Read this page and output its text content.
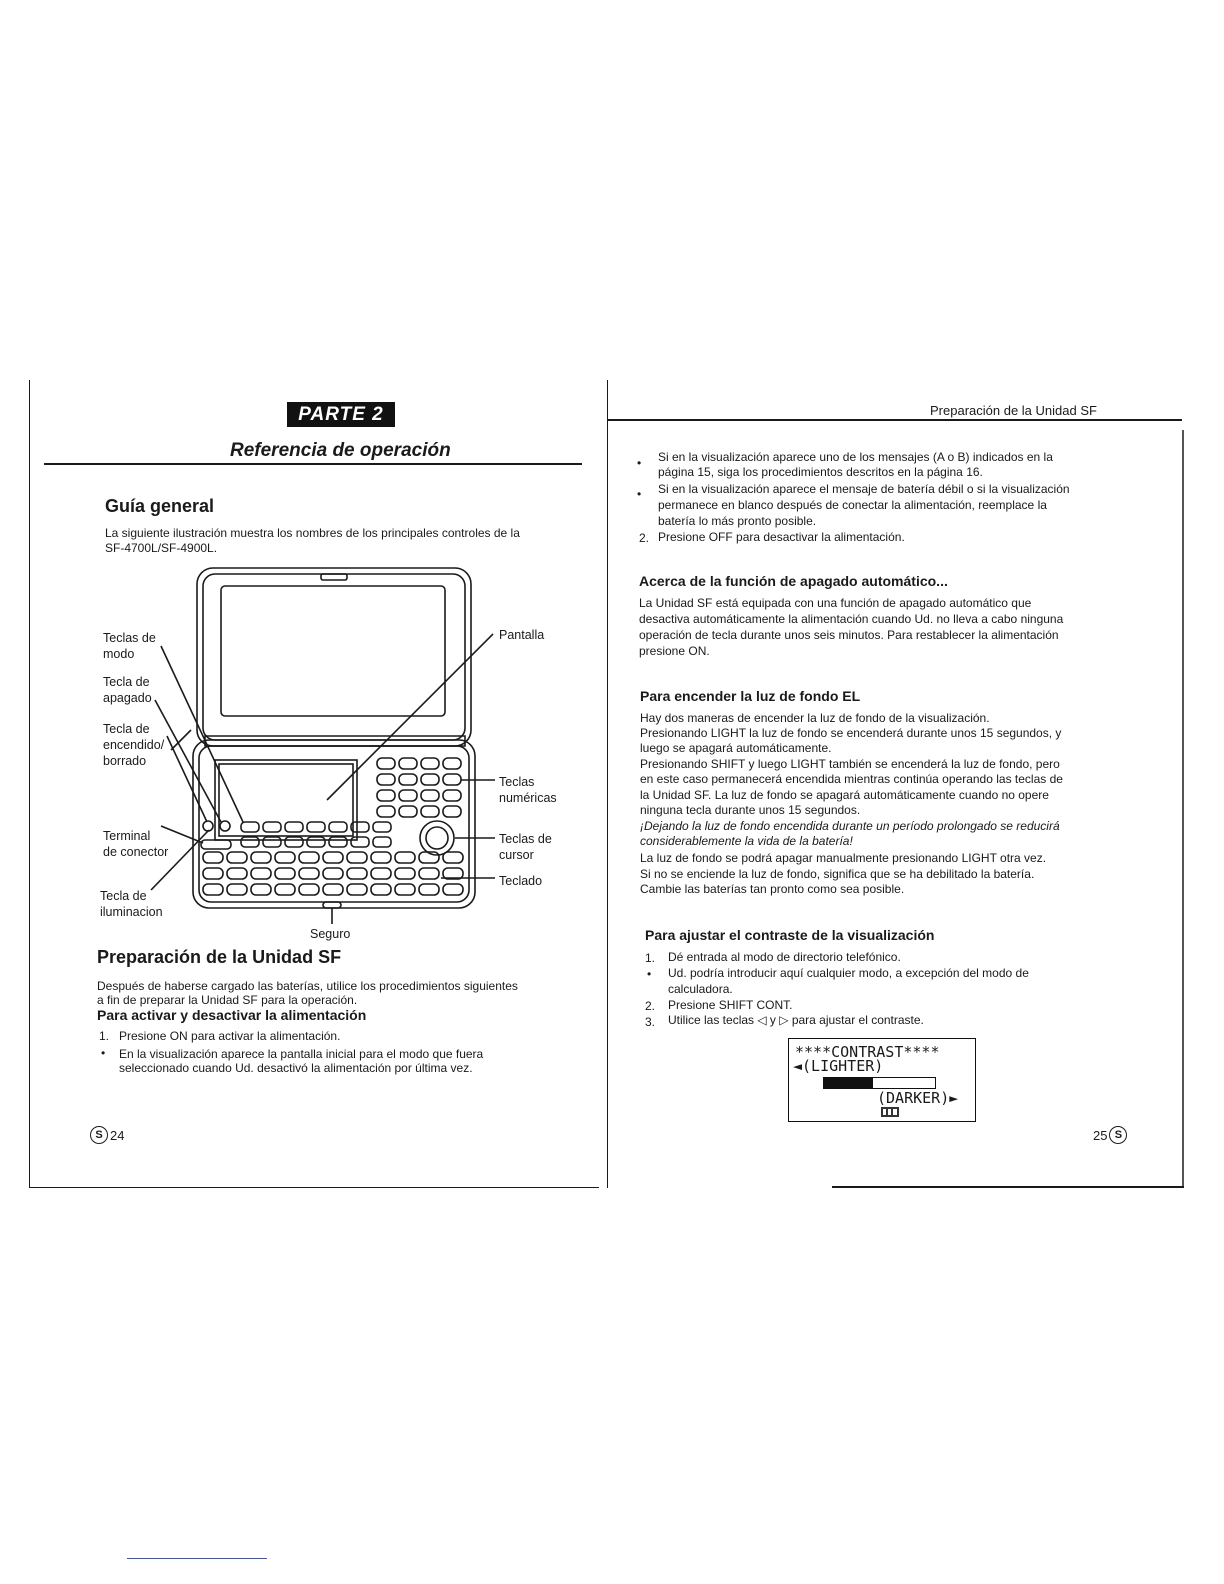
PARTE 2
Referencia de operación
Guía general
La siguiente ilustración muestra los nombres de los principales controles de la
SF-4700L/SF-4900L.
Teclas de
modo
Tecla de
apagado
Tecla de
encendido/
borrado
Terminal
de conector
Tecla de
iluminacion
Pantalla
Teclas
numéricas
Teclas de
cursor
Teclado
Seguro
Preparación de la Unidad SF
Después de haberse cargado las baterías, utilice los procedimientos siguientes
a fin de preparar la Unidad SF para la operación.
Para activar y desactivar la alimentación
1. Presione ON para activar la alimentación.
• En la visualización aparece la pantalla inicial para el modo que fuera
seleccionado cuando Ud. desactivó la alimentación por última vez.
S 24
Preparación de la Unidad SF
• Si en la visualización aparece uno de los mensajes (A o B) indicados en la
página 15, siga los procedimientos descritos en la página 16.
• Si en la visualización aparece el mensaje de batería débil o si la visualización
permanece en blanco después de conectar la alimentación, reemplace la
batería lo más pronto posible.
2. Presione OFF para desactivar la alimentación.
Acerca de la función de apagado automático...
La Unidad SF está equipada con una función de apagado automático que
desactiva automáticamente la alimentación cuando Ud. no lleva a cabo ninguna
operación de tecla durante unos seis minutos. Para restablecer la alimentación
presione ON.
Para encender la luz de fondo EL
Hay dos maneras de encender la luz de fondo de la visualización.
Presionando LIGHT la luz de fondo se encenderá durante unos 15 segundos, y
luego se apagará automáticamente.
Presionando SHIFT y luego LIGHT también se encenderá la luz de fondo, pero
en este caso permanecerá encendida mientras continúa operando las teclas de
la Unidad SF. La luz de fondo se apagará automáticamente cuando no opere
ninguna tecla durante unos 15 segundos.
¡Dejando la luz de fondo encendida durante un período prolongado se reducirá
considerablemente la vida de la batería!
La luz de fondo se podrá apagar manualmente presionando LIGHT otra vez.
Si no se enciende la luz de fondo, significa que se ha debilitado la batería.
Cambie las baterías tan pronto como sea posible.
Para ajustar el contraste de la visualización
1. Dé entrada al modo de directorio telefónico.
• Ud. podría introducir aquí cualquier modo, a excepción del modo de
calculadora.
2. Presione SHIFT CONT.
3. Utilice las teclas ◁ y ▷ para ajustar el contraste.
****CONTRAST****
◄(LIGHTER)
(DARKER)►
25 S
